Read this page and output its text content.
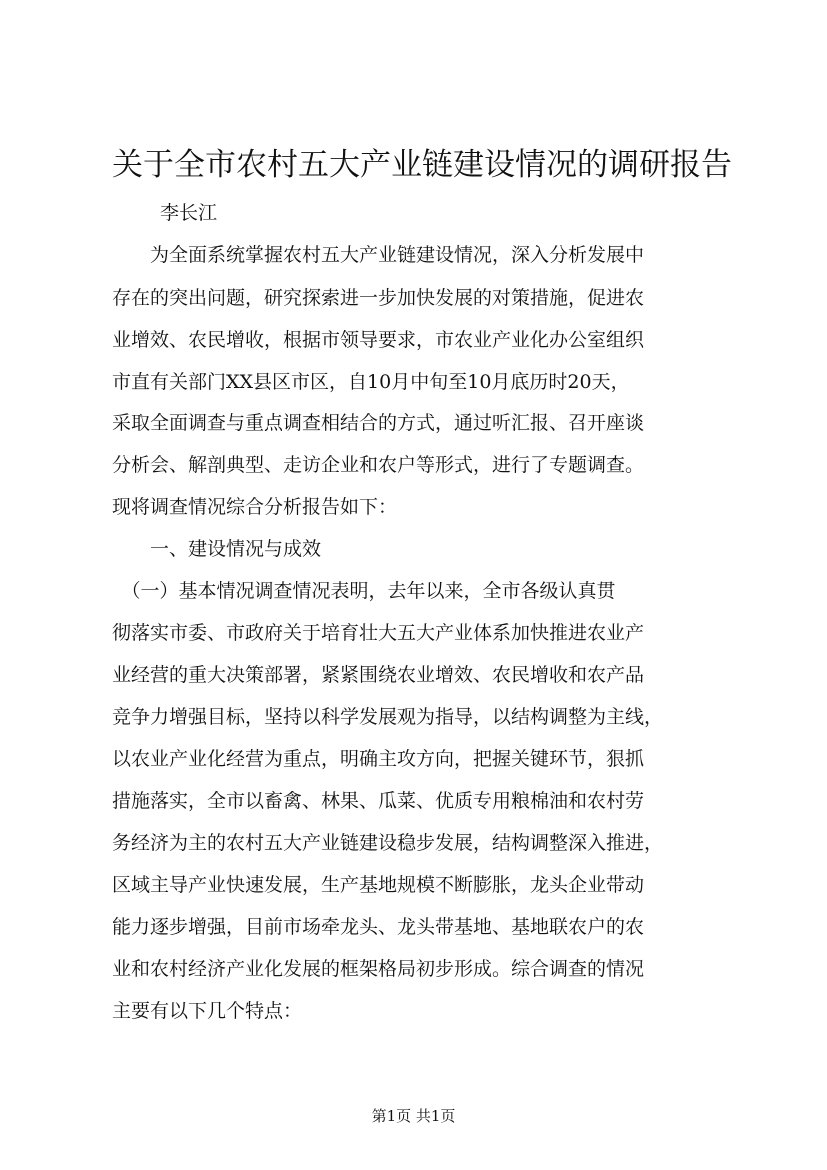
关于全市农村五大产业链建设情况的调研报告
李长江
　　为全面系统掌握农村五大产业链建设情况，深入分析发展中
存在的突出问题，研究探索进一步加快发展的对策措施，促进农
业增效、农民增收，根据市领导要求，市农业产业化办公室组织
市直有关部门XX县区市区，自10月中旬至10月底历时20天，
采取全面调查与重点调查相结合的方式，通过听汇报、召开座谈
分析会、解剖典型、走访企业和农户等形式，进行了专题调查。
现将调查情况综合分析报告如下：
　　一、建设情况与成效
　（一）基本情况调查情况表明，去年以来，全市各级认真贯
彻落实市委、市政府关于培育壮大五大产业体系加快推进农业产
业经营的重大决策部署，紧紧围绕农业增效、农民增收和农产品
竞争力增强目标，坚持以科学发展观为指导，以结构调整为主线，
以农业产业化经营为重点，明确主攻方向，把握关键环节，狠抓
措施落实，全市以畜禽、林果、瓜菜、优质专用粮棉油和农村劳
务经济为主的农村五大产业链建设稳步发展，结构调整深入推进，
区域主导产业快速发展，生产基地规模不断膨胀，龙头企业带动
能力逐步增强，目前市场牵龙头、龙头带基地、基地联农户的农
业和农村经济产业化发展的框架格局初步形成。综合调查的情况
主要有以下几个特点：
第1页 共1页
